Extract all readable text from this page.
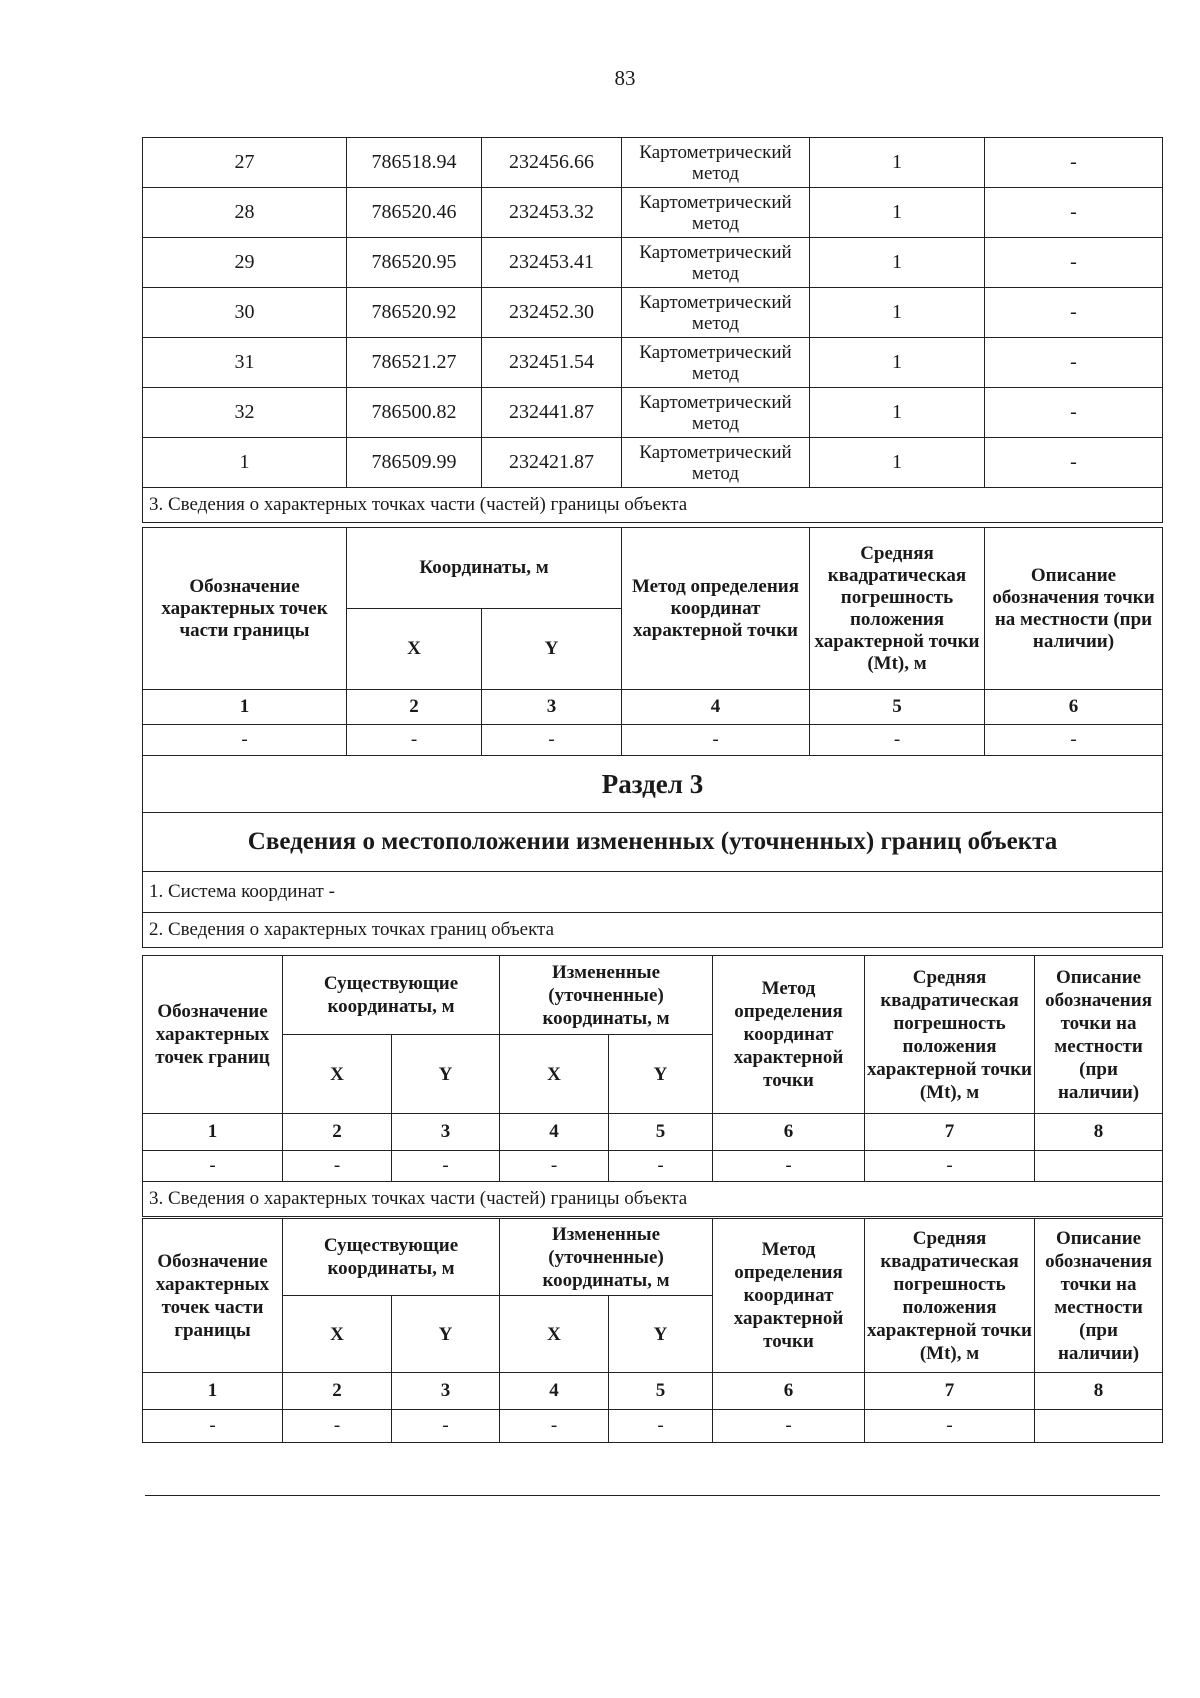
83
27	786518.94	232456.66	Картометрический метод	1	-
28	786520.46	232453.32	Картометрический метод	1	-
29	786520.95	232453.41	Картометрический метод	1	-
30	786520.92	232452.30	Картометрический метод	1	-
31	786521.27	232451.54	Картометрический метод	1	-
32	786500.82	232441.87	Картометрический метод	1	-
1	786509.99	232421.87	Картометрический метод	1	-
3. Сведения о характерных точках части (частей) границы объекта					
Обозначение характерных точек части границы	Координаты, м		Метод определения координат характерной точки	Средняя квадратическая погрешность положения характерной точки (Mt), м	Описание обозначения точки на местности (при наличии)
	X	Y			
1	2	3	4	5	6
-	-	-	-	-	-
Раздел 3					
Сведения о местоположении измененных (уточненных) границ объекта					
1. Система координат -					
2. Сведения о характерных точках границ объекта					
Обозначение характерных точек границ	Существующие координаты, м		Измененные (уточненные) координаты, м		Метод определения координат характерной точки	Средняя квадратическая погрешность положения характерной точки (Mt), м	Описание обозначения точки на местности (при наличии)
	X	Y	X	Y			
1	2	3	4	5	6	7	8
-	-	-	-	-	-	-	
3. Сведения о характерных точках части (частей) границы объекта							
Обозначение характерных точек части границы	Существующие координаты, м		Измененные (уточненные) координаты, м		Метод определения координат характерной точки	Средняя квадратическая погрешность положения характерной точки (Mt), м	Описание обозначения точки на местности (при наличии)
	X	Y	X	Y			
1	2	3	4	5	6	7	8
-	-	-	-	-	-	-	
